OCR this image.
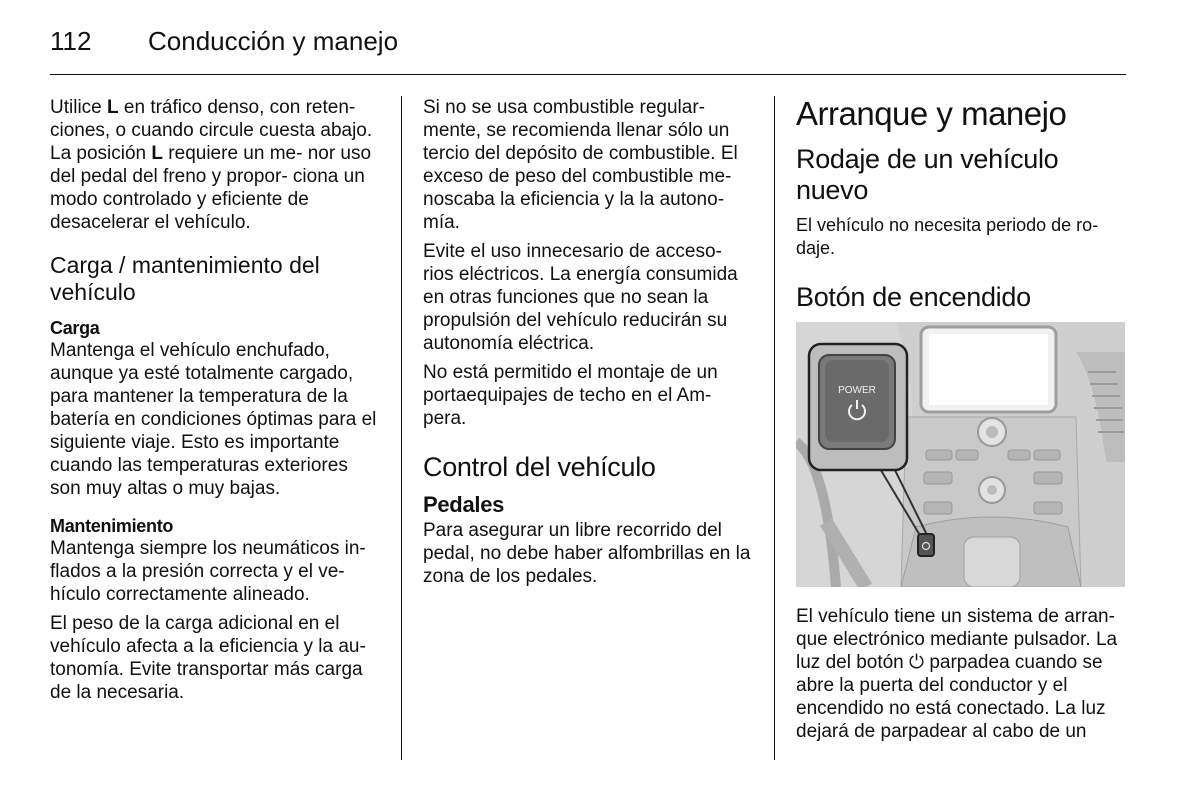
112 Conducción y manejo

Utilice L en tráfico denso, con reten‐ ciones, o cuando circule cuesta abajo. La posición L requiere un me‐ nor uso del pedal del freno y propor‐ ciona un modo controlado y eficiente de desacelerar el vehículo.

Carga / mantenimiento del vehículo
Carga

Mantenga el vehículo enchufado, aunque ya esté totalmente cargado, para mantener la temperatura de la batería en condiciones óptimas para el siguiente viaje. Esto es importante cuando las temperaturas exteriores son muy altas o muy bajas.

Mantenimiento

Mantenga siempre los neumáticos in‐ flados a la presión correcta y el ve‐ hículo correctamente alineado.

El peso de la carga adicional en el vehículo afecta a la eficiencia y la au‐ tonomía. Evite transportar más carga de la necesaria.

Si no se usa combustible regular‐ mente, se recomienda llenar sólo un tercio del depósito de combustible. El exceso de peso del combustible me‐ noscaba la eficiencia y la la autono‐ mía.

Evite el uso innecesario de acceso‐ rios eléctricos. La energía consumida en otras funciones que no sean la propulsión del vehículo reducirán su autonomía eléctrica.

No está permitido el montaje de un portaequipajes de techo en el Am‐ pera.

Control del vehículo
Pedales

Para asegurar un libre recorrido del pedal, no debe haber alfombrillas en la zona de los pedales.

Arranque y manejo
Rodaje de un vehículo nuevo

El vehículo no necesita periodo de ro‐ daje.

Botón de encendido
POWER

El vehículo tiene un sistema de arran‐ que electrónico mediante pulsador. La luz del botón ⏻ parpadea cuando se abre la puerta del conductor y el encendido no está conectado. La luz dejará de parpadear al cabo de un
